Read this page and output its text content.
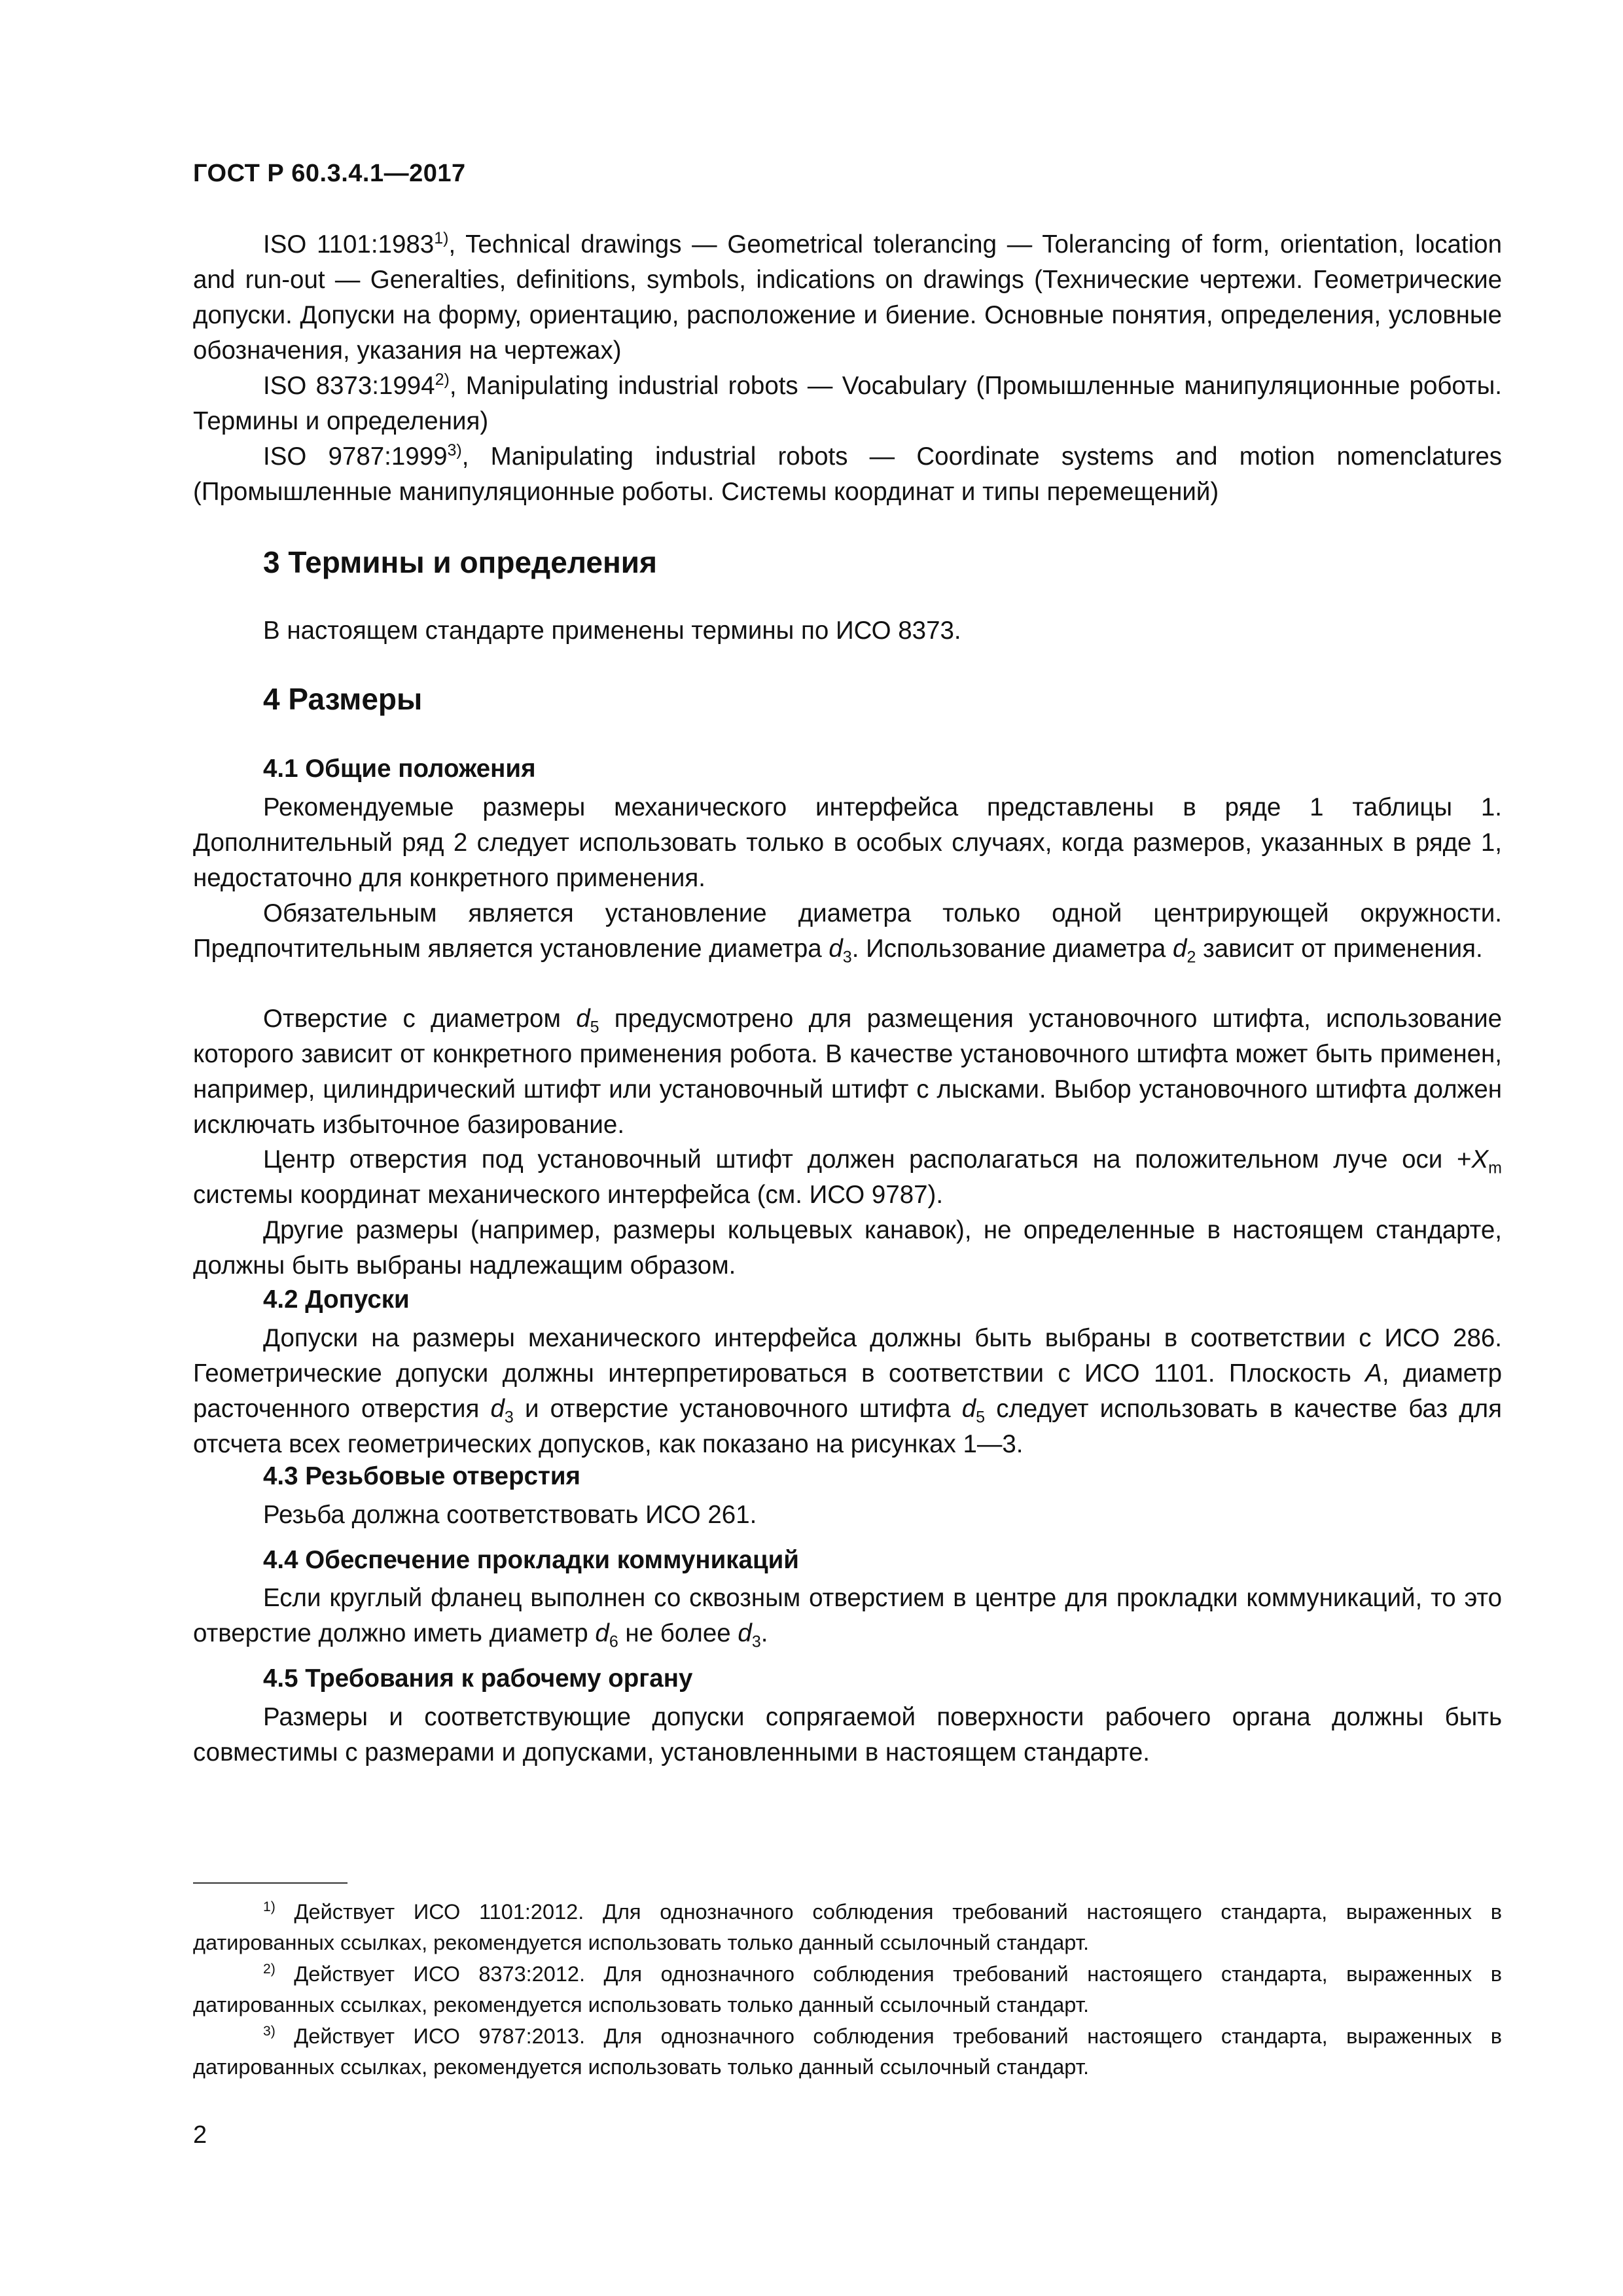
ГОСТ Р 60.3.4.1—2017

ISO 1101:1983$^{1)}$, Technical drawings — Geometrical tolerancing — Tolerancing of form, orientation, location and run-out — Generalties, definitions, symbols, indications on drawings (Технические чертежи. Геометрические допуски. Допуски на форму, ориентацию, расположение и биение. Основные понятия, определения, условные обозначения, указания на чертежах)

ISO 8373:1994$^{2)}$, Manipulating industrial robots — Vocabulary (Промышленные манипуляционные роботы. Термины и определения)

ISO 9787:1999$^{3)}$, Manipulating industrial robots — Coordinate systems and motion nomenclatures (Промышленные манипуляционные роботы. Системы координат и типы перемещений)

3 Термины и определения

В настоящем стандарте применены термины по ИСО 8373.

4 Размеры
4.1 Общие положения

Рекомендуемые размеры механического интерфейса представлены в ряде 1 таблицы 1. Дополнительный ряд 2 следует использовать только в особых случаях, когда размеров, указанных в ряде 1, недостаточно для конкретного применения.

Обязательным является установление диаметра только одной центрирующей окружности. Предпочтительным является установление диаметра $d_3$. Использование диаметра $d_2$ зависит от применения.

Отверстие с диаметром $d_5$ предусмотрено для размещения установочного штифта, использование которого зависит от конкретного применения робота. В качестве установочного штифта может быть применен, например, цилиндрический штифт или установочный штифт с лысками. Выбор установочного штифта должен исключать избыточное базирование.

Центр отверстия под установочный штифт должен располагаться на положительном луче оси $+X_m$ системы координат механического интерфейса (см. ИСО 9787).

Другие размеры (например, размеры кольцевых канавок), не определенные в настоящем стандарте, должны быть выбраны надлежащим образом.

4.2 Допуски

Допуски на размеры механического интерфейса должны быть выбраны в соответствии с ИСО 286. Геометрические допуски должны интерпретироваться в соответствии с ИСО 1101. Плоскость A, диаметр расточенного отверстия $d_3$ и отверстие установочного штифта $d_5$ следует использовать в качестве баз для отсчета всех геометрических допусков, как показано на рисунках 1—3.

4.3 Резьбовые отверстия

Резьба должна соответствовать ИСО 261.

4.4 Обеспечение прокладки коммуникаций

Если круглый фланец выполнен со сквозным отверстием в центре для прокладки коммуникаций, то это отверстие должно иметь диаметр $d_6$ не более $d_3$.

4.5 Требования к рабочему органу

Размеры и соответствующие допуски сопрягаемой поверхности рабочего органа должны быть совместимы с размерами и допусками, установленными в настоящем стандарте.

$^{1)}$ Действует ИСО 1101:2012. Для однозначного соблюдения требований настоящего стандарта, выраженных в датированных ссылках, рекомендуется использовать только данный ссылочный стандарт.

$^{2)}$ Действует ИСО 8373:2012. Для однозначного соблюдения требований настоящего стандарта, выраженных в датированных ссылках, рекомендуется использовать только данный ссылочный стандарт.

$^{3)}$ Действует ИСО 9787:2013. Для однозначного соблюдения требований настоящего стандарта, выраженных в датированных ссылках, рекомендуется использовать только данный ссылочный стандарт.

2
